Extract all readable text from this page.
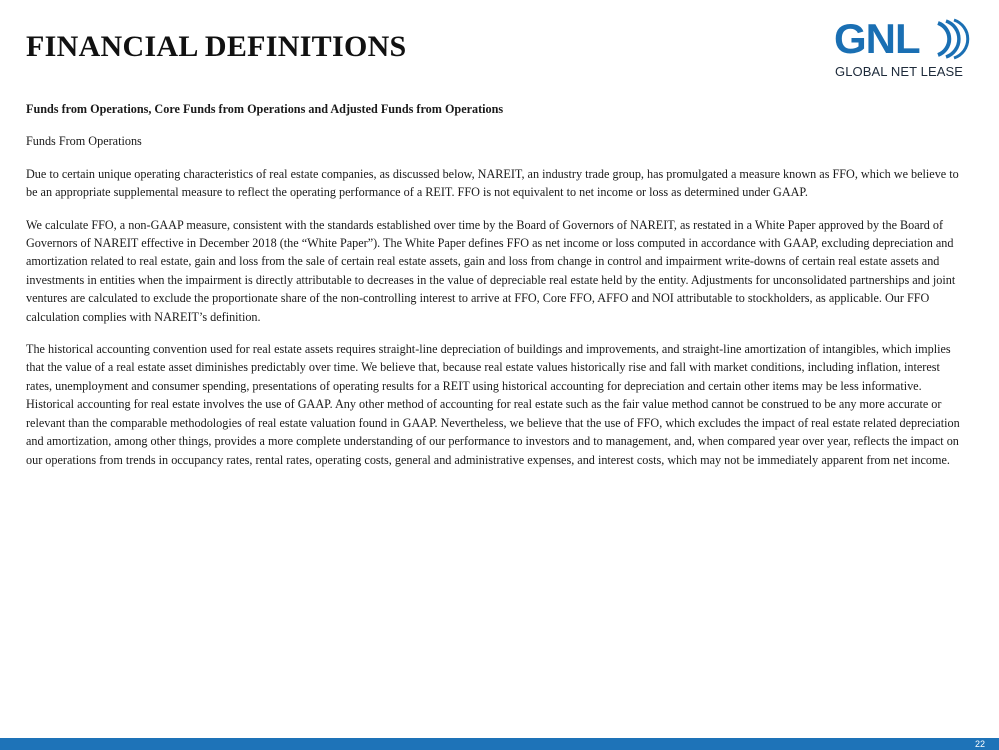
FINANCIAL DEFINITIONS	GNL
GLOBAL NET LEASE

Funds from Operations, Core Funds from Operations and Adjusted Funds from Operations

Funds From Operations

Due to certain unique operating characteristics of real estate companies, as discussed below, NAREIT, an industry trade group, has promulgated a measure known as FFO, which we believe to be an appropriate supplemental measure to reflect the operating performance of a REIT. FFO is not equivalent to net income or loss as determined under GAAP.

We calculate FFO, a non-GAAP measure, consistent with the standards established over time by the Board of Governors of NAREIT, as restated in a White Paper approved by the Board of Governors of NAREIT effective in December 2018 (the “White Paper”). The White Paper defines FFO as net income or loss computed in accordance with GAAP, excluding depreciation and amortization related to real estate, gain and loss from the sale of certain real estate assets, gain and loss from change in control and impairment write-downs of certain real estate assets and investments in entities when the impairment is directly attributable to decreases in the value of depreciable real estate held by the entity. Adjustments for unconsolidated partnerships and joint ventures are calculated to exclude the proportionate share of the non-controlling interest to arrive at FFO, Core FFO, AFFO and NOI attributable to stockholders, as applicable. Our FFO calculation complies with NAREIT’s definition.

The historical accounting convention used for real estate assets requires straight-line depreciation of buildings and improvements, and straight-line amortization of intangibles, which implies that the value of a real estate asset diminishes predictably over time. We believe that, because real estate values historically rise and fall with market conditions, including inflation, interest rates, unemployment and consumer spending, presentations of operating results for a REIT using historical accounting for depreciation and certain other items may be less informative. Historical accounting for real estate involves the use of GAAP. Any other method of accounting for real estate such as the fair value method cannot be construed to be any more accurate or relevant than the comparable methodologies of real estate valuation found in GAAP. Nevertheless, we believe that the use of FFO, which excludes the impact of real estate related depreciation and amortization, among other things, provides a more complete understanding of our performance to investors and to management, and, when compared year over year, reflects the impact on our operations from trends in occupancy rates, rental rates, operating costs, general and administrative expenses, and interest costs, which may not be immediately apparent from net income.

22
